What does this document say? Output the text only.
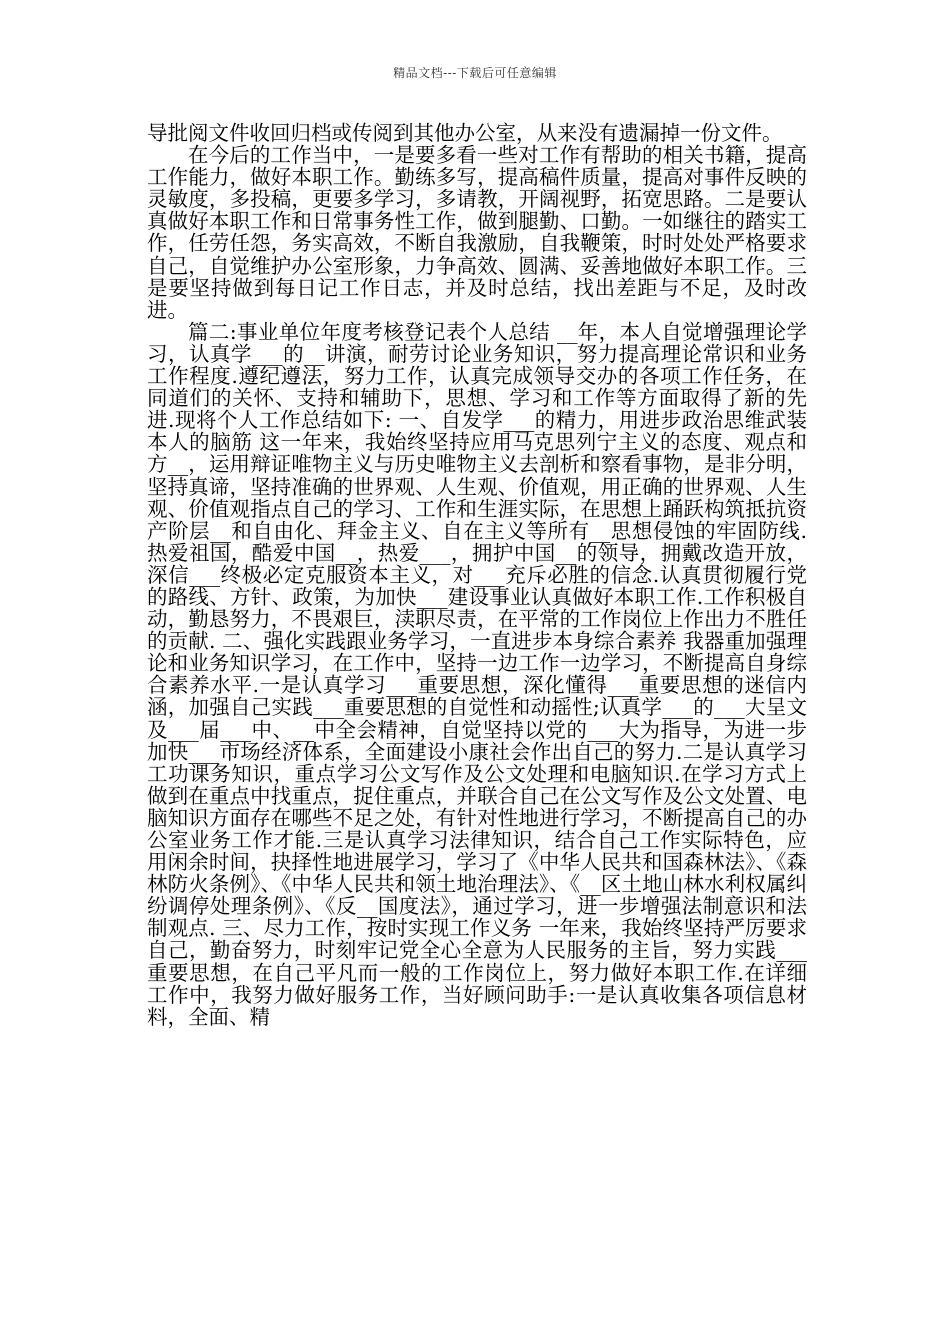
精品文档---下载后可任意编辑

导批阅文件收回归档或传阅到其他办公室，从来没有遗漏掉一份文件。

在今后的工作当中，一是要多看一些对工作有帮助的相关书籍，提高工作能力，做好本职工作。勤练多写，提高稿件质量，提高对事件反映的灵敏度，多投稿，更要多学习，多请教，开阔视野，拓宽思路。二是要认真做好本职工作和日常事务性工作，做到腿勤、口勤。一如继往的踏实工作，任劳任怨，务实高效，不断自我激励，自我鞭策，时时处处严格要求自己，自觉维护办公室形象，力争高效、圆满、妥善地做好本职工作。三是要坚持做到每日记工作日志，并及时总结，找出差距与不足，及时改进。

篇二:事业单位年度考核登记表个人总结 __年，本人自觉增强理论学习，认真学___的__讲演，耐劳讨论业务知识，努力提高理论常识和业务工作程度.遵纪遵法，努力工作，认真完成领导交办的各项工作任务，在同道们的关怀、支持和辅助下，思想、学习和工作等方面取得了新的先进.现将个人工作总结如下: 一、自发学___的精力，用进步政治思维武装本人的脑筋 这一年来，我始终坚持应用马克思列宁主义的态度、观点和方__，运用辩证唯物主义与历史唯物主义去剖析和察看事物，是非分明，坚持真谛，坚持准确的世界观、人生观、价值观，用正确的世界观、人生观、价值观指点自己的学习、工作和生涯实际，在思想上踊跃构筑抵抗资产阶层__和自由化、拜金主义、自在主义等所有__思想侵蚀的牢固防线.热爱祖国，酷爱中国__，热爱___，拥护中国__的领导，拥戴改造开放，深信___终极必定克服资本主义，对___充斥必胜的信念.认真贯彻履行党的路线、方针、政策，为加快___建设事业认真做好本职工作.工作积极自动，勤恳努力，不畏艰巨，渎职尽责，在平常的工作岗位上作出力不胜任的贡献. 二、强化实践跟业务学习，一直进步本身综合素养 我器重加强理论和业务知识学习，在工作中，坚持一边工作一边学习，不断提高自身综合素养水平.一是认真学习___重要思想，深化懂得___重要思想的迷信内涵，加强自己实践___重要思想的自觉性和动摇性;认真学___的___大呈文及___届___中、__中全会精神，自觉坚持以党的___大为指导，为进一步加快___市场经济体系，全面建设小康社会作出自己的努力.二是认真学习工功课务知识，重点学习公文写作及公文处理和电脑知识.在学习方式上做到在重点中找重点，捉住重点，并联合自己在公文写作及公文处置、电脑知识方面存在哪些不足之处，有针对性地进行学习，不断提高自己的办公室业务工作才能.三是认真学习法律知识，结合自己工作实际特色，应用闲余时间，抉择性地进展学习，学习了《中华人民共和国森林法》、《森林防火条例》、《中华人民共和领土地治理法》、《__区土地山林水利权属纠纷调停处理条例》、《反__国度法》，通过学习，进一步增强法制意识和法制观点. 三、尽力工作，按时实现工作义务 一年来，我始终坚持严厉要求自己，勤奋努力，时刻牢记党全心全意为人民服务的主旨，努力实践___重要思想，在自己平凡而一般的工作岗位上，努力做好本职工作.在详细工作中，我努力做好服务工作，当好顾问助手:一是认真收集各项信息材料，全面、精
